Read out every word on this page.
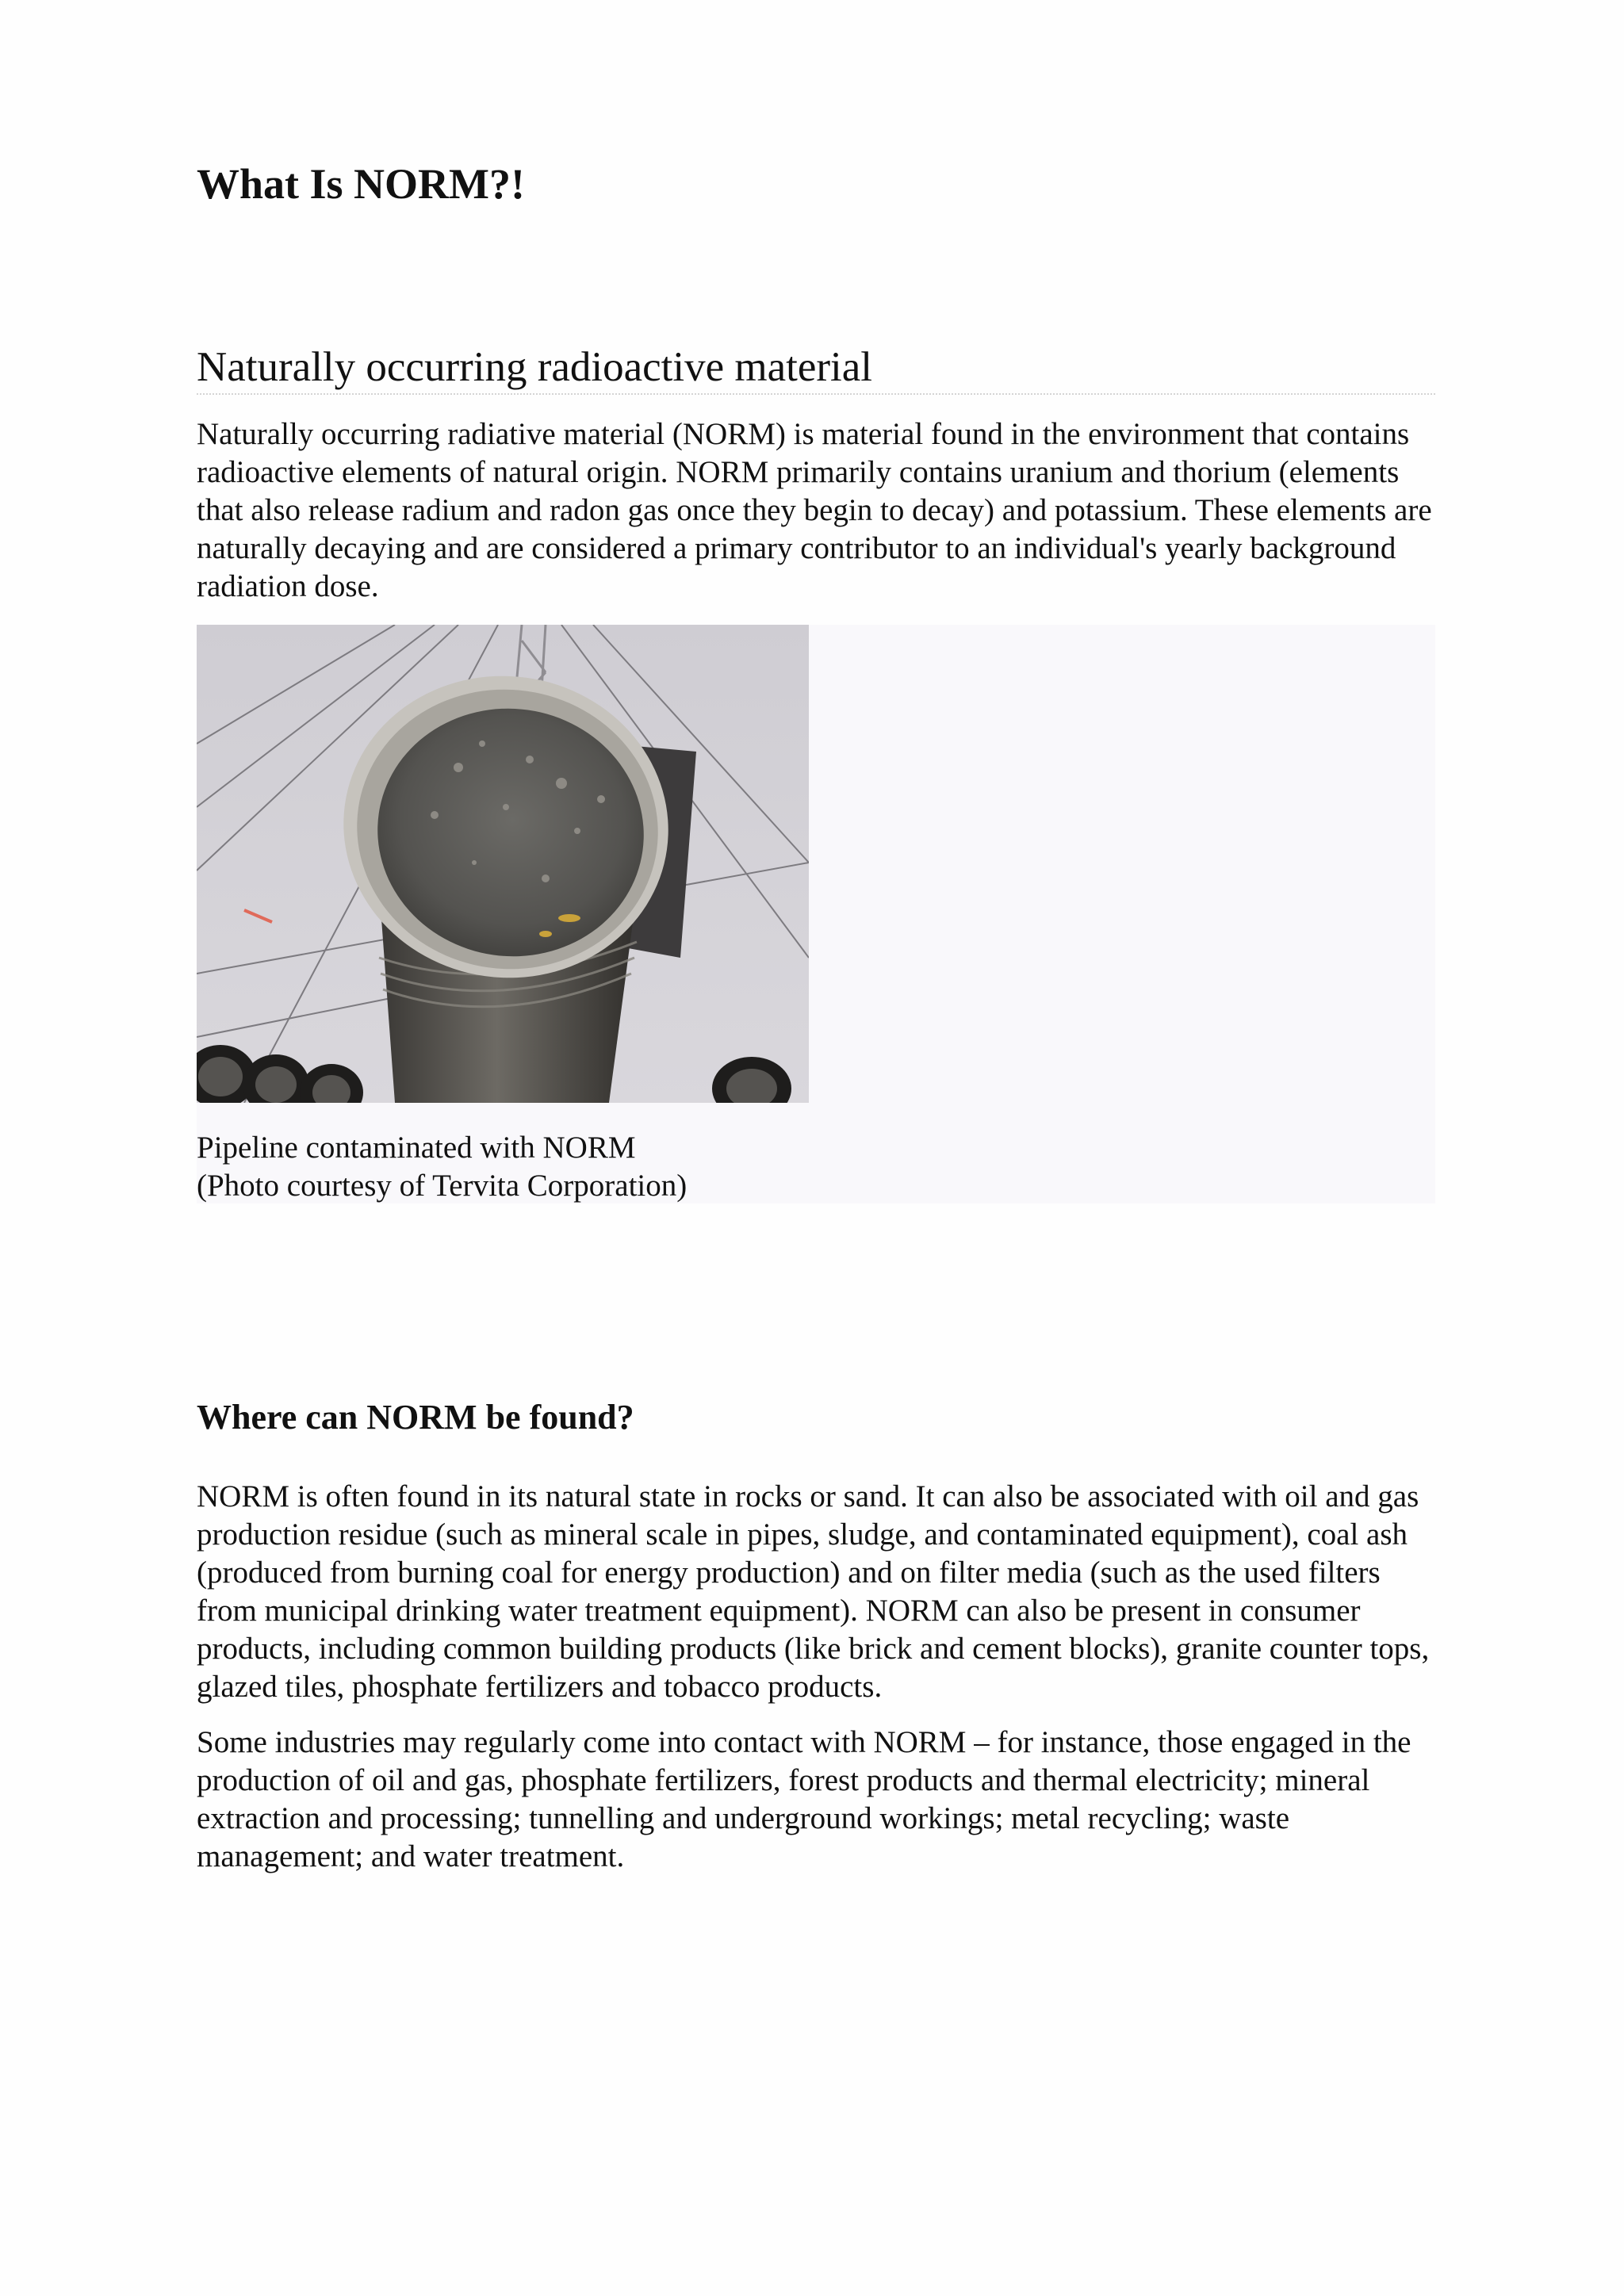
What Is NORM?!
Naturally occurring radioactive material

Naturally occurring radiative material (NORM) is material found in the environment that contains radioactive elements of natural origin. NORM primarily contains uranium and thorium (elements that also release radium and radon gas once they begin to decay) and potassium. These elements are naturally decaying and are considered a primary contributor to an individual's yearly background radiation dose.

Pipeline contaminated with NORM
(Photo courtesy of Tervita Corporation)
Where can NORM be found?

NORM is often found in its natural state in rocks or sand. It can also be associated with oil and gas production residue (such as mineral scale in pipes, sludge, and contaminated equipment), coal ash (produced from burning coal for energy production) and on filter media (such as the used filters from municipal drinking water treatment equipment). NORM can also be present in consumer products, including common building products (like brick and cement blocks), granite counter tops, glazed tiles, phosphate fertilizers and tobacco products.

Some industries may regularly come into contact with NORM – for instance, those engaged in the production of oil and gas, phosphate fertilizers, forest products and thermal electricity; mineral extraction and processing; tunnelling and underground workings; metal recycling; waste management; and water treatment.
